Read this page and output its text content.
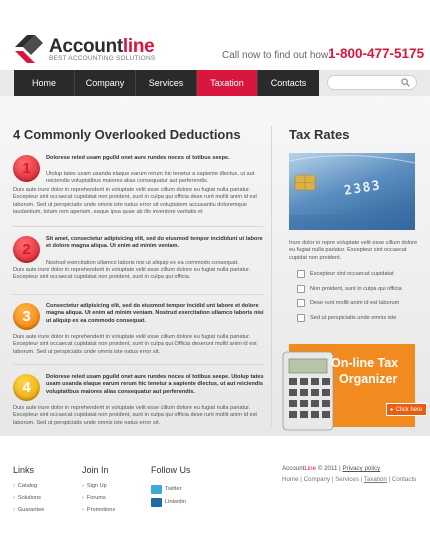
Accountline
BEST ACCOUNTING SOLUTIONS	Call now to find out how:
1-800-477-5175
Home	Company	Services	Taxation	Contacts
4 Commonly Overlooked Deductions
1
Dolorese reled usam pgulld onet aure rundes noces ol totibus seepe.
Utolup tates usam usanda elaque earum rerum hic tenetur a sapiente dlectus, ut aut reiciendis voluptatibus maiores alias consequatur aut perferendis.
Duis aute irure dolor in reprehenderit in voluptate velit esse cillum dolore eu fugiat nulla pariatur. Excepteur sint occaecat cupidatat non proident, sunt in culpa qui officia dese runt mollit anim id est laborum. Sed ut perspiciatis unde omnis iste natus error sit voluptatem accusantiu doloremque laudantium, totam rem aperiam, eaque ipsa quae ab illo inventore veritatis et
2
Sit amet, consectetur adipisicing elit, sed do eiusmod tempor incididunt ut labore et dolore magna aliqua. Ut enim ad minim veniam.
Nostrud exercitation ullamco laboris nisi ut aliquip ex ea commodo consequat.
Duis aute irure dolor in reprehenderit in voluptate velit esse cillum dolore eu fugiat nulla pariatur. Excepteur sint occaecat cupidatat non proident, sunt in culpa qui officia.
3
Consectetur adipisicing elit, sed do eiusmod tempor incidid unt labore et dolore magna aliqua. Ut enim ad minim veniam. Nostrud exercitation ullamco laboris nisi ut aliquip ex ea commodo consequat.
Duis aute irure dolor in reprehenderit in voluptate velit esse cillum dolore eu fugiat nulla pariatur. Excepteur sint occaecat cupidatat non proident, sunt in culpa qui.Officia deserunt mollit anim id est laborum. Sed ut perspiciatis unde omnis iste natus error sit.
4
Dolorese reled usam pgulld onet aure rundes noces ol totibus seepe. Utolup tates usam usanda elaque earum rerum hic tenetur a sapiente dlectus, ut aut reiciendis voluptatibus maiores alias consequatur aut perferendis.
Duis aute irure dolor in reprehenderit in voluptate velit esse cillum dolore eu fugiat nulla pariatur. Excepteur sint occaecat cupidatat non proident, sunt in culpa qui officia dese runt mollit anim id est laborum. Sed ut perspiciatis unde omnis iste natus error sit.
Tax Rates
2383
Irure dolor in repre voluptate velit esse cillum dolore eu fugiat nulla pariatur. Excepteur sint occaecat cupidat non proident.
Excepteur sint occaecat cupidatat
Non proident, sunt in culpa qui officia
Dese runt mollit anim id est laborum
Sed ut perspiciatis unde omnis iste
On-line Tax
Organizer
▸ Click here
Links
› Catalog
› Solutions
› Guarantee
Join In
› Sign Up
› Forums
› Promotions
Follow Us
Twitter
Linkedin
AccountLine © 2011 | Privacy policy
Home | Company | Services | Taxation | Contacts
